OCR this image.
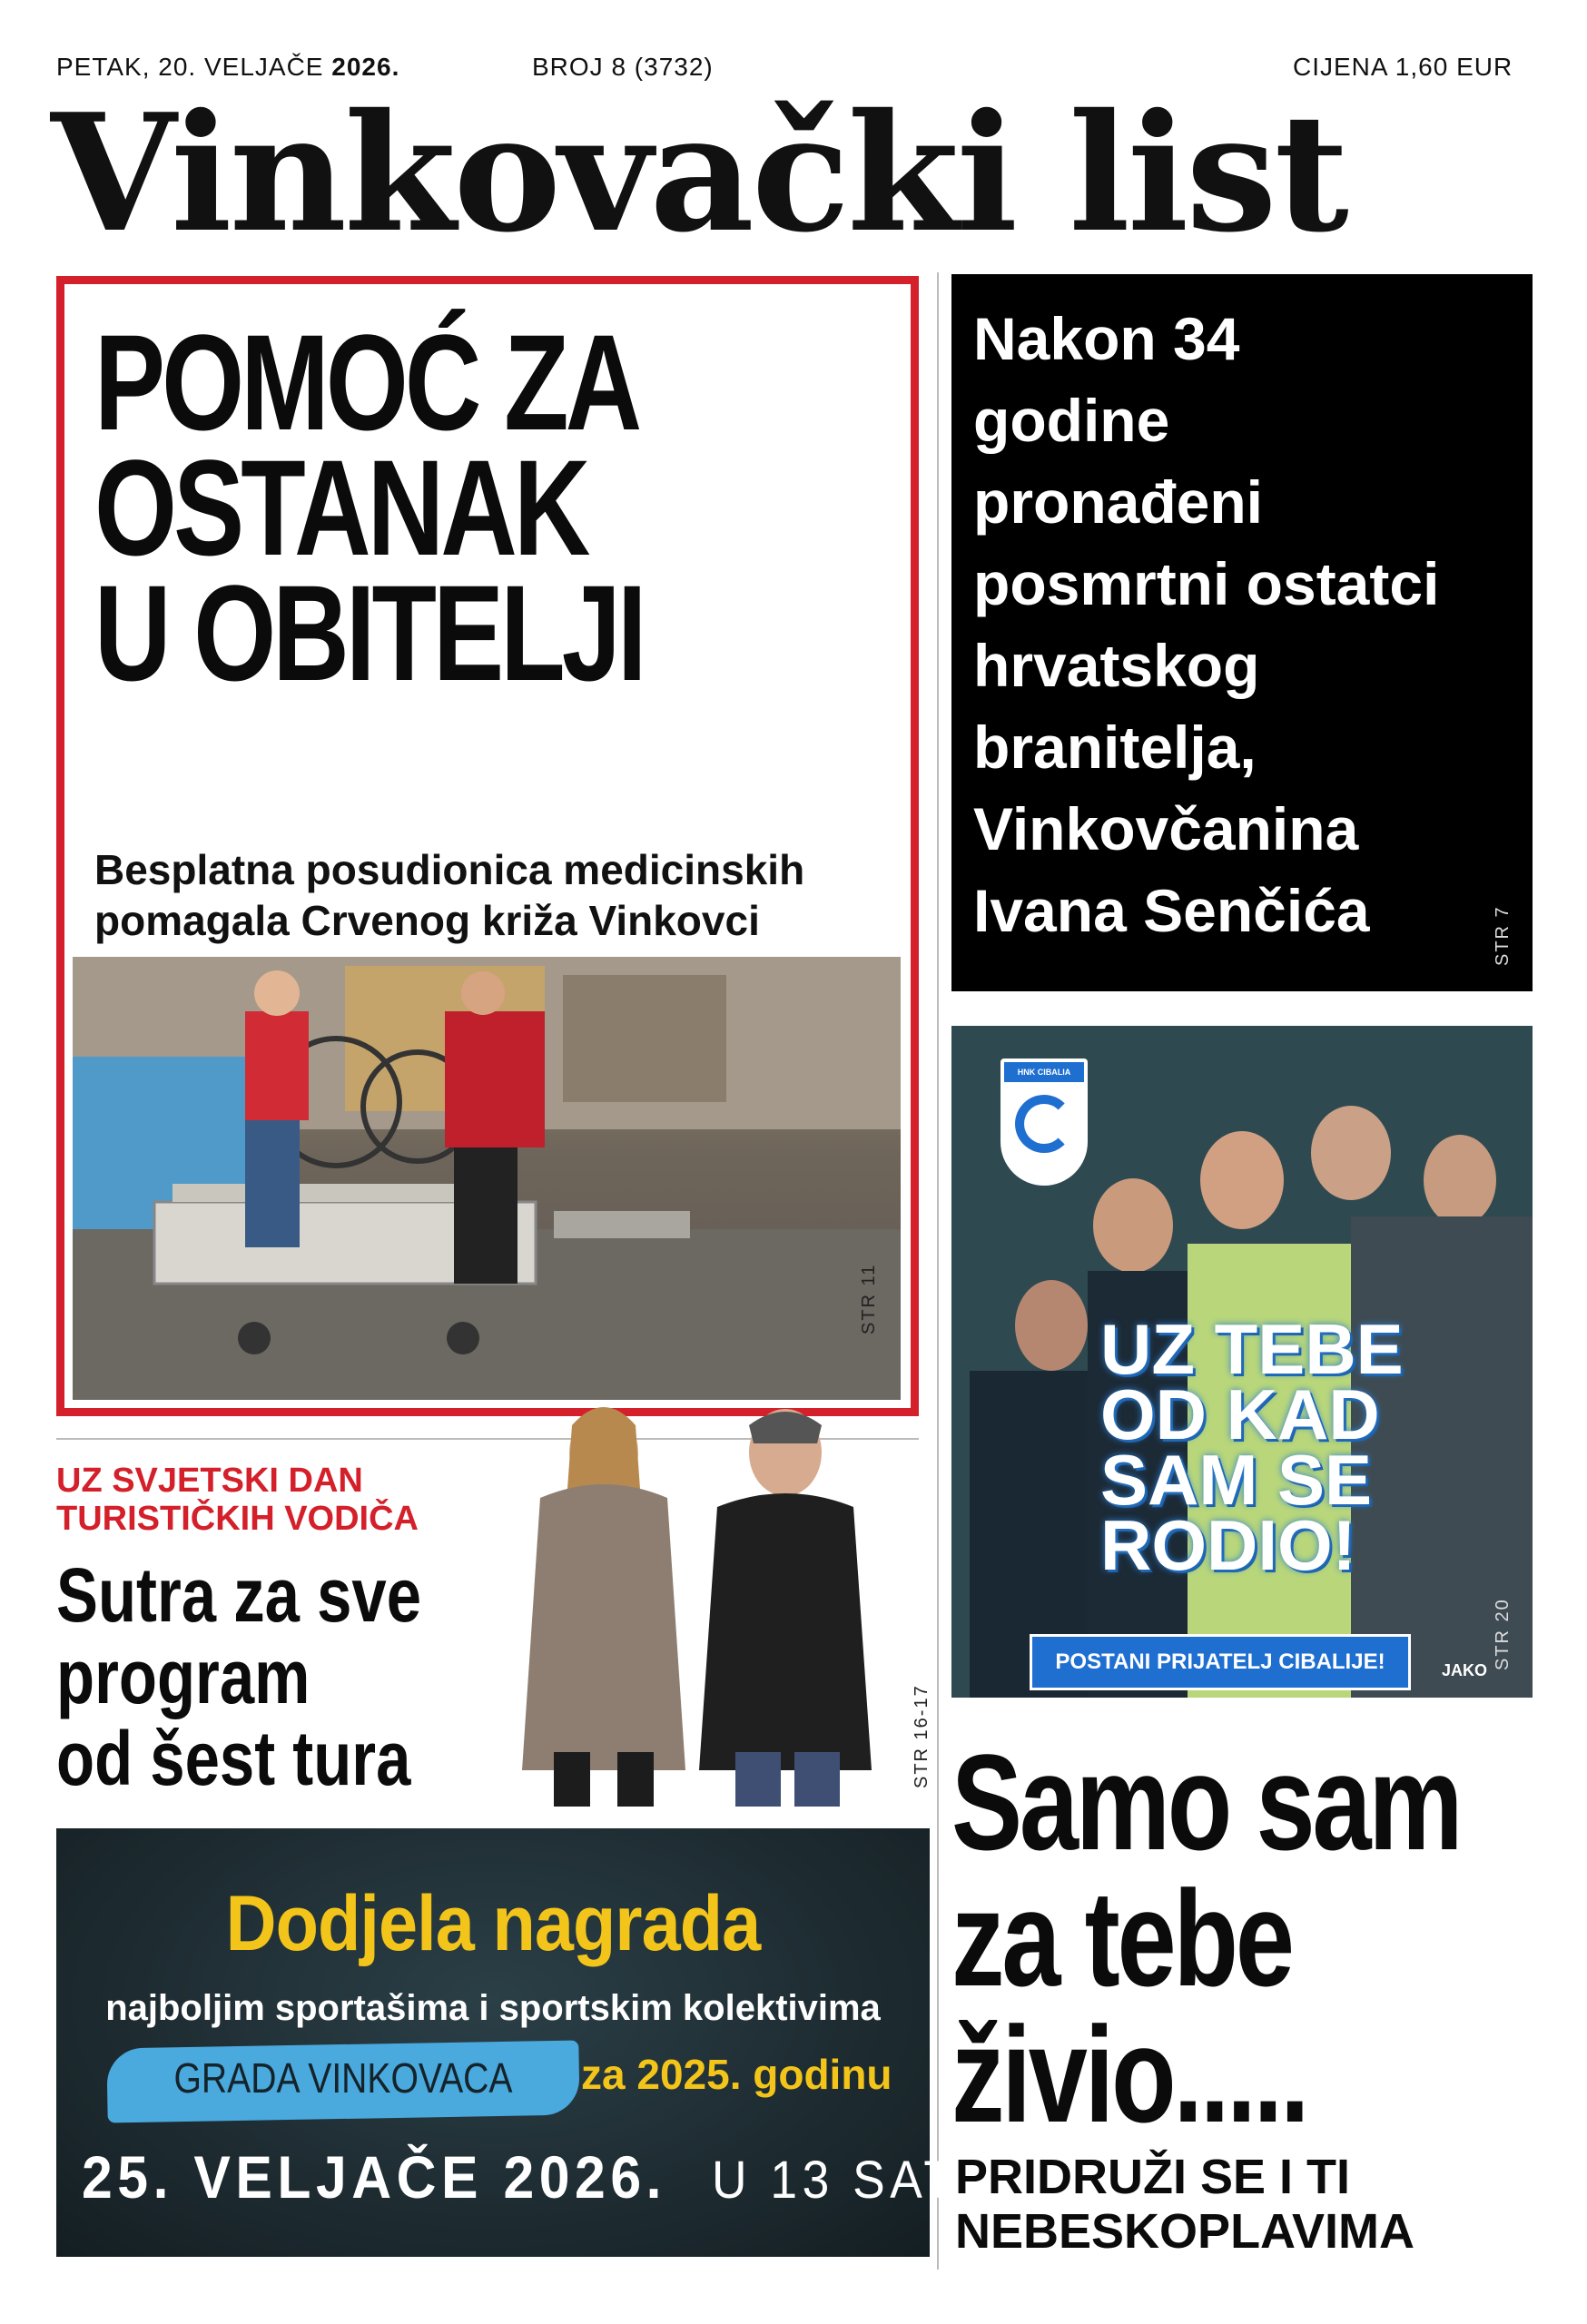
PETAK, 20. VELJAČE 2026.	BROJ 8 (3732)	CIJENA 1,60 EUR
Vinkovački list
POMOĆ ZA
OSTANAK
U OBITELJI
Besplatna posudionica medicinskih
pomagala Crvenog križa Vinkovci
STR 11
Nakon 34
godine
pronađeni
posmrtni ostatci
hrvatskog
branitelja,
Vinkovčanina
Ivana Senčića	STR 7
HNK CIBALIA VINKOVCI
JAKO
UZ TEBE
OD KAD
SAM SE
RODIO!
POSTANI PRIJATELJ CIBALIJE!	STR 20
UZ SVJETSKI DAN
TURISTIČKIH VODIČA
Sutra za sve
program
od šest tura	STR 16-17
Dodjela nagrada
najboljim sportašima i sportskim kolektivima
GRADA VINKOVACA	za 2025. godinu
25. VELJAČE 2026. U 13 SATI
Samo sam
za tebe
živio.....
PRIDRUŽI SE I TI
NEBESKOPLAVIMA
